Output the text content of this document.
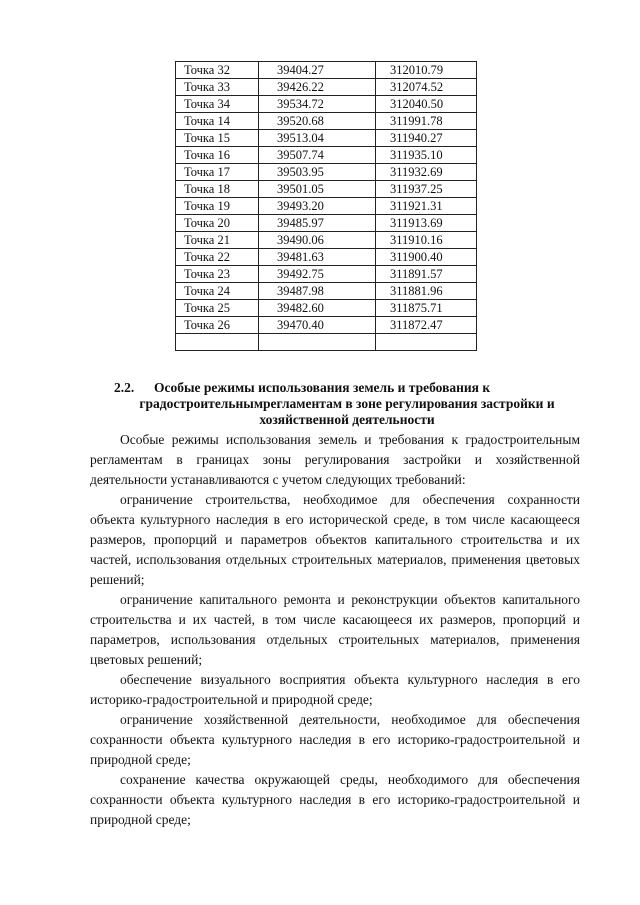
Точка 32	39404.27	312010.79
Точка 33	39426.22	312074.52
Точка 34	39534.72	312040.50
Точка 14	39520.68	311991.78
Точка 15	39513.04	311940.27
Точка 16	39507.74	311935.10
Точка 17	39503.95	311932.69
Точка 18	39501.05	311937.25
Точка 19	39493.20	311921.31
Точка 20	39485.97	311913.69
Точка 21	39490.06	311910.16
Точка 22	39481.63	311900.40
Точка 23	39492.75	311891.57
Точка 24	39487.98	311881.96
Точка 25	39482.60	311875.71
Точка 26	39470.40	311872.47

2.2.	Особые режимы использования земель и требования к
градостроительнымрегламентам в зоне регулирования застройки и хозяйственной деятельности

Особые режимы использования земель и требования к градостроительным регламентам в границах зоны регулирования застройки и хозяйственной деятельности устанавливаются с учетом следующих требований:

ограничение строительства, необходимое для обеспечения сохранности объекта культурного наследия в его исторической среде, в том числе касающееся размеров, пропорций и параметров объектов капитального строительства и их частей, использования отдельных строительных материалов, применения цветовых решений;

ограничение капитального ремонта и реконструкции объектов капитального строительства и их частей, в том числе касающееся их размеров, пропорций и параметров, использования отдельных строительных материалов, применения цветовых решений;

обеспечение визуального восприятия объекта культурного наследия в его историко-градостроительной и природной среде;

ограничение хозяйственной деятельности, необходимое для обеспечения сохранности объекта культурного наследия в его историко-градостроительной и природной среде;

сохранение качества окружающей среды, необходимого для обеспечения сохранности объекта культурного наследия в его историко-градостроительной и природной среде;
